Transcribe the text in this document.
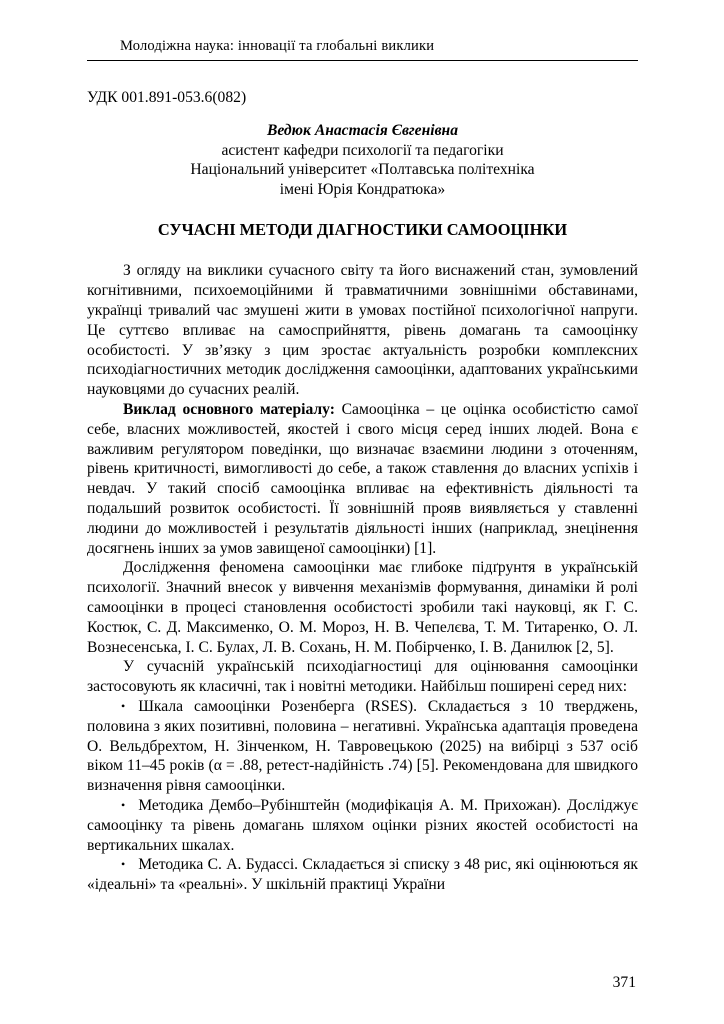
Молодіжна наука: інновації та глобальні виклики

УДК 001.891-053.6(082)

Ведюк Анастасія Євгенівна

асистент кафедри психології та педагогіки

Національний університет «Полтавська політехніка

імені Юрія Кондратюка»

СУЧАСНІ МЕТОДИ ДІАГНОСТИКИ САМООЦІНКИ

З огляду на виклики сучасного світу та його виснажений стан, зумовлений когнітивними, психоемоційними й травматичними зовнішніми обставинами, українці тривалий час змушені жити в умовах постійної психологічної напруги. Це суттєво впливає на самосприйняття, рівень домагань та самооцінку особистості. У зв’язку з цим зростає актуальність розробки комплексних психодіагностичних методик дослідження самооцінки, адаптованих українськими науковцями до сучасних реалій.

Виклад основного матеріалу: Самооцінка – це оцінка особистістю самої себе, власних можливостей, якостей і свого місця серед інших людей. Вона є важливим регулятором поведінки, що визначає взаємини людини з оточенням, рівень критичності, вимогливості до себе, а також ставлення до власних успіхів і невдач. У такий спосіб самооцінка впливає на ефективність діяльності та подальший розвиток особистості. Її зовнішній прояв виявляється у ставленні людини до можливостей і результатів діяльності інших (наприклад, знецінення досягнень інших за умов завищеної самооцінки) [1].

Дослідження феномена самооцінки має глибоке підґрунтя в українській психології. Значний внесок у вивчення механізмів формування, динаміки й ролі самооцінки в процесі становлення особистості зробили такі науковці, як Г. С. Костюк, С. Д. Максименко, О. М. Мороз, Н. В. Чепелєва, Т. М. Титаренко, О. Л. Вознесенська, І. С. Булах, Л. В. Сохань, Н. М. Побірченко, І. В. Данилюк [2, 5].

У сучасній українській психодіагностиці для оцінювання самооцінки застосовують як класичні, так і новітні методики. Найбільш поширені серед них:

• Шкала самооцінки Розенберга (RSES). Складається з 10 тверджень, половина з яких позитивні, половина – негативні. Українська адаптація проведена О. Вельдбрехтом, Н. Зінченком, Н. Тавровецькою (2025) на вибірці з 537 осіб віком 11–45 років (α = .88, ретест-надійність .74) [5]. Рекомендована для швидкого визначення рівня самооцінки.

• Методика Дембо–Рубінштейн (модифікація А. М. Прихожан). Досліджує самооцінку та рівень домагань шляхом оцінки різних якостей особистості на вертикальних шкалах.

• Методика С. А. Будассі. Складається зі списку з 48 рис, які оцінюються як «ідеальні» та «реальні». У шкільній практиці України

371
